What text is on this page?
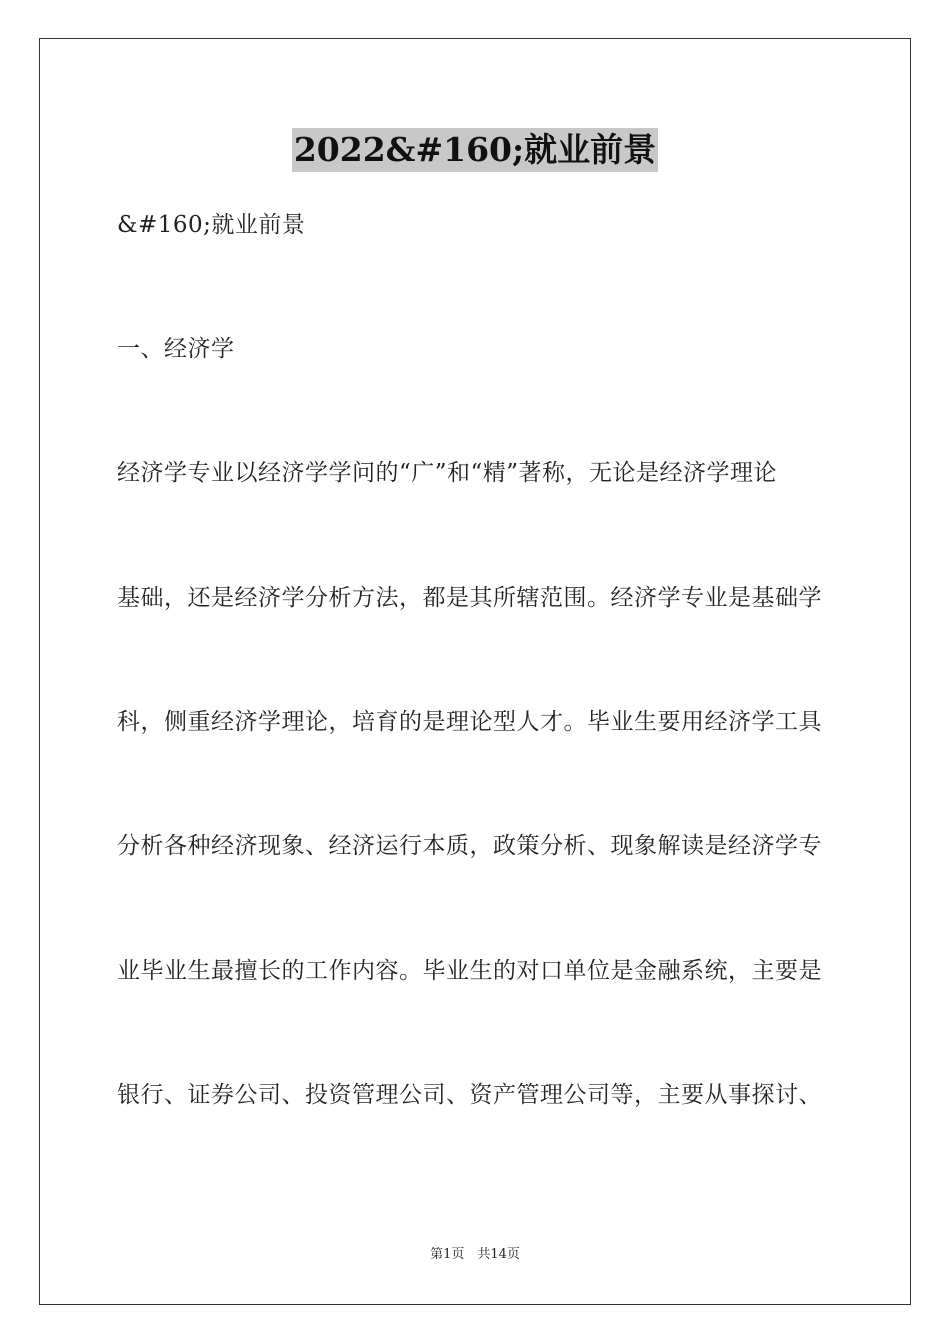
2022&#160;就业前景
&#160;就业前景
一、经济学
经济学专业以经济学学问的“广”和“精”著称，无论是经济学理论
基础，还是经济学分析方法，都是其所辖范围。经济学专业是基础学
科，侧重经济学理论，培育的是理论型人才。毕业生要用经济学工具
分析各种经济现象、经济运行本质，政策分析、现象解读是经济学专
业毕业生最擅长的工作内容。毕业生的对口单位是金融系统，主要是
银行、证券公司、投资管理公司、资产管理公司等，主要从事探讨、
第1页　共14页
